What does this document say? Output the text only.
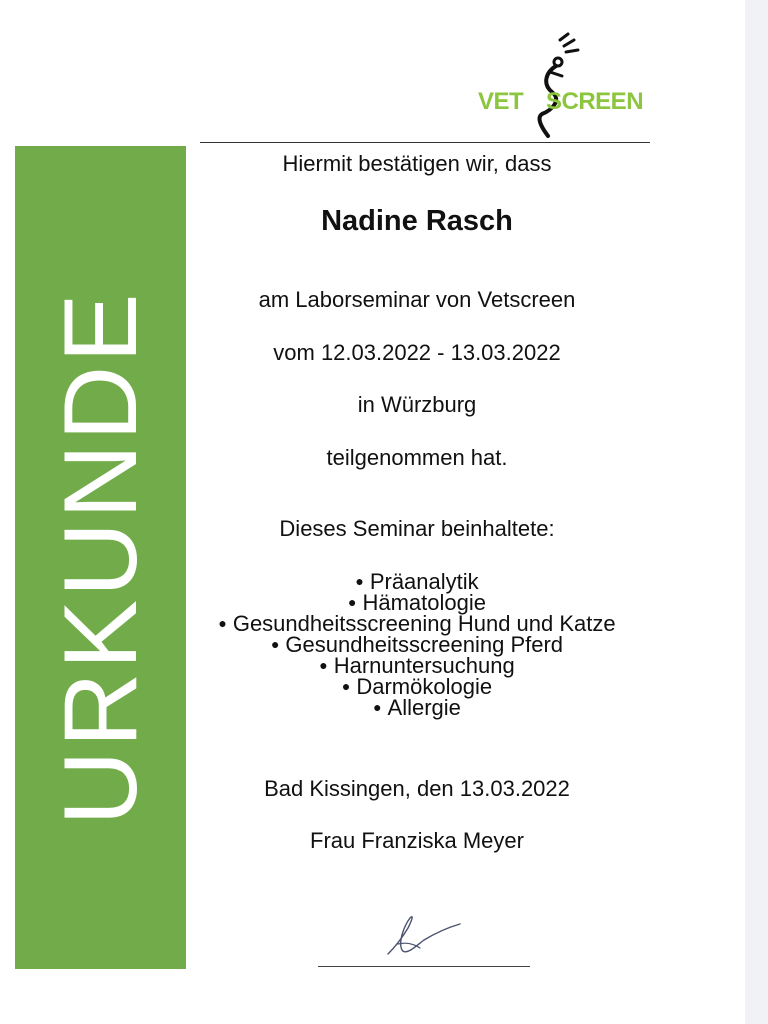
URKUNDE
VET SCREEN
Hiermit bestätigen wir, dass
Nadine Rasch
am Laborseminar von Vetscreen
vom 12.03.2022 - 13.03.2022
in Würzburg
teilgenommen hat.
Dieses Seminar beinhaltete:
● Präanalytik
● Hämatologie
● Gesundheitsscreening Hund und Katze
● Gesundheitsscreening Pferd
● Harnuntersuchung
● Darmökologie
● Allergie
Bad Kissingen, den 13.03.2022
Frau Franziska Meyer
